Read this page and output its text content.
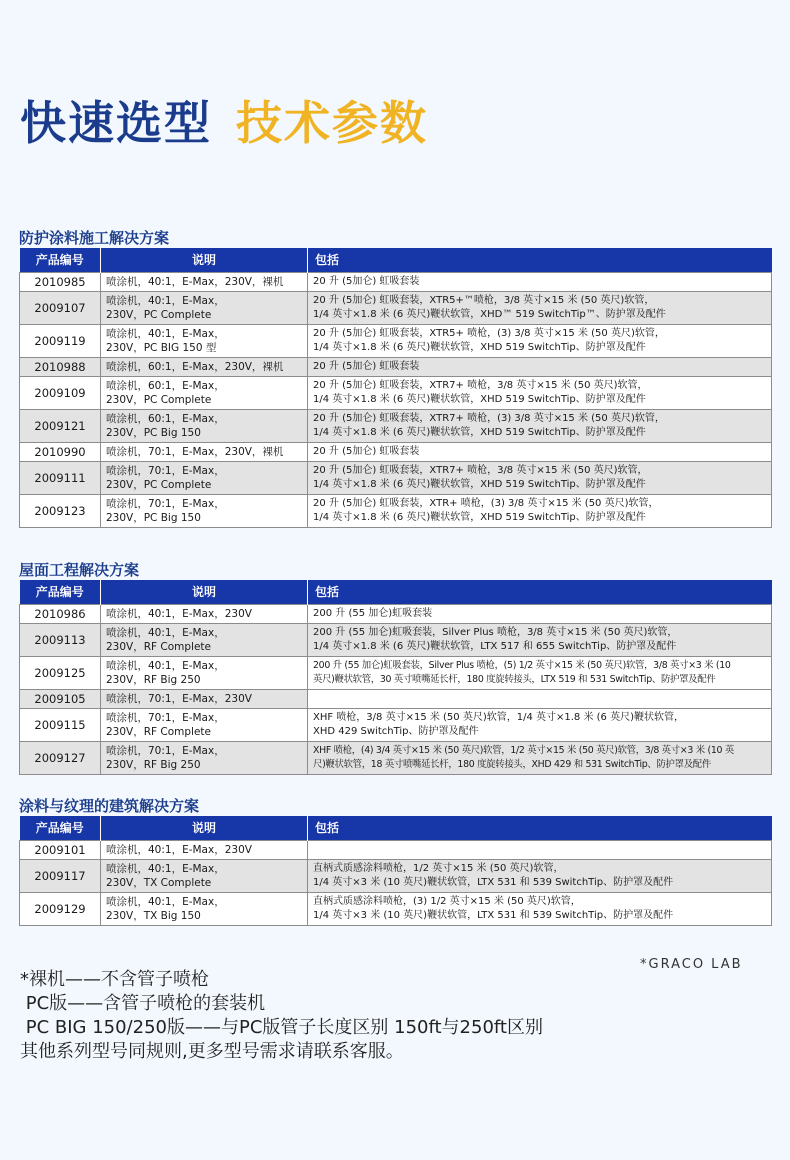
快速选型 技术参数
防护涂料施工解决方案
产品编号	说明	包括
2010985	喷涂机，40:1，E-Max，230V，裸机	20 升 (5加仑) 虹吸套装
2009107	喷涂机，40:1，E-Max，
230V，PC Complete	20 升 (5加仑) 虹吸套装，XTR5+™喷枪，3/8 英寸×15 米 (50 英尺)软管，
1/4 英寸×1.8 米 (6 英尺)鞭状软管，XHD™ 519 SwitchTip™、防护罩及配件
2009119	喷涂机，40:1，E-Max，
230V，PC BIG 150 型	20 升 (5加仑) 虹吸套装，XTR5+ 喷枪，(3) 3/8 英寸×15 米 (50 英尺)软管，
1/4 英寸×1.8 米 (6 英尺)鞭状软管，XHD 519 SwitchTip、防护罩及配件
2010988	喷涂机，60:1，E-Max，230V，裸机	20 升 (5加仑) 虹吸套装
2009109	喷涂机，60:1，E-Max，
230V，PC Complete	20 升 (5加仑) 虹吸套装，XTR7+ 喷枪，3/8 英寸×15 米 (50 英尺)软管，
1/4 英寸×1.8 米 (6 英尺)鞭状软管，XHD 519 SwitchTip、防护罩及配件
2009121	喷涂机，60:1，E-Max，
230V，PC Big 150	20 升 (5加仑) 虹吸套装，XTR7+ 喷枪，(3) 3/8 英寸×15 米 (50 英尺)软管，
1/4 英寸×1.8 米 (6 英尺)鞭状软管，XHD 519 SwitchTip、防护罩及配件
2010990	喷涂机，70:1，E-Max，230V，裸机	20 升 (5加仑) 虹吸套装
2009111	喷涂机，70:1，E-Max，
230V，PC Complete	20 升 (5加仑) 虹吸套装，XTR7+ 喷枪，3/8 英寸×15 米 (50 英尺)软管，
1/4 英寸×1.8 米 (6 英尺)鞭状软管，XHD 519 SwitchTip、防护罩及配件
2009123	喷涂机，70:1，E-Max，
230V，PC Big 150	20 升 (5加仑) 虹吸套装，XTR+ 喷枪，(3) 3/8 英寸×15 米 (50 英尺)软管，
1/4 英寸×1.8 米 (6 英尺)鞭状软管，XHD 519 SwitchTip、防护罩及配件
屋面工程解决方案
产品编号	说明	包括
2010986	喷涂机，40:1，E-Max，230V	200 升 (55 加仑)虹吸套装
2009113	喷涂机，40:1，E-Max，
230V，RF Complete	200 升 (55 加仑)虹吸套装，Silver Plus 喷枪，3/8 英寸×15 米 (50 英尺)软管，
1/4 英寸×1.8 米 (6 英尺)鞭状软管，LTX 517 和 655 SwitchTip、防护罩及配件
2009125	喷涂机，40:1，E-Max，
230V，RF Big 250	200 升 (55 加仑)虹吸套装，Silver Plus 喷枪，(5) 1/2 英寸×15 米 (50 英尺)软管，3/8 英寸×3 米 (10
英尺)鞭状软管，30 英寸喷嘴延长杆，180 度旋转接头，LTX 519 和 531 SwitchTip、防护罩及配件
2009105	喷涂机，70:1，E-Max，230V	
2009115	喷涂机，70:1，E-Max，
230V，RF Complete	XHF 喷枪，3/8 英寸×15 米 (50 英尺)软管，1/4 英寸×1.8 米 (6 英尺)鞭状软管，
XHD 429 SwitchTip、防护罩及配件
2009127	喷涂机，70:1，E-Max，
230V，RF Big 250	XHF 喷枪，(4) 3/4 英寸×15 米 (50 英尺)软管，1/2 英寸×15 米 (50 英尺)软管，3/8 英寸×3 米 (10 英
尺)鞭状软管，18 英寸喷嘴延长杆，180 度旋转接头，XHD 429 和 531 SwitchTip、防护罩及配件
涂料与纹理的建筑解决方案
产品编号	说明	包括
2009101	喷涂机，40:1，E-Max，230V	
2009117	喷涂机，40:1，E-Max，
230V，TX Complete	直柄式质感涂料喷枪，1/2 英寸×15 米 (50 英尺)软管，
1/4 英寸×3 米 (10 英尺)鞭状软管，LTX 531 和 539 SwitchTip、防护罩及配件
2009129	喷涂机，40:1，E-Max，
230V，TX Big 150	直柄式质感涂料喷枪，(3) 1/2 英寸×15 米 (50 英尺)软管，
1/4 英寸×3 米 (10 英尺)鞭状软管，LTX 531 和 539 SwitchTip、防护罩及配件
*GRACO LAB
*裸机——不含管子喷枪
PC版——含管子喷枪的套装机
PC BIG 150/250版——与PC版管子长度区别 150ft与250ft区别
其他系列型号同规则,更多型号需求请联系客服。
